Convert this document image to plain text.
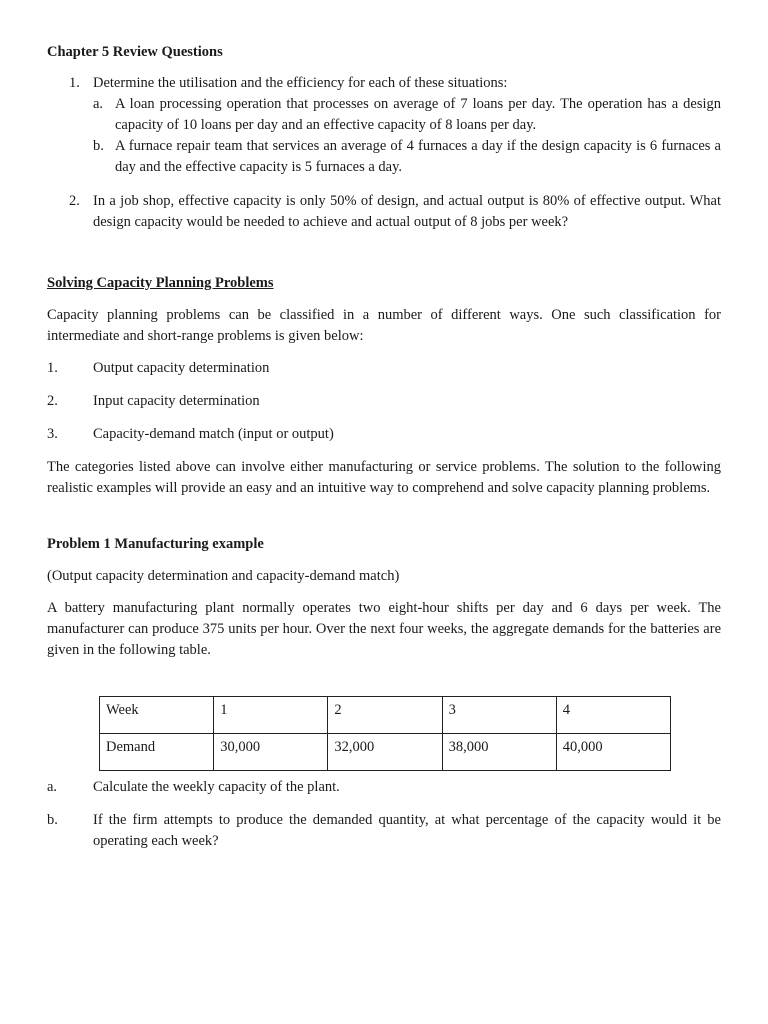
Chapter 5 Review Questions
1. Determine the utilisation and the efficiency for each of these situations:
a. A loan processing operation that processes on average of 7 loans per day. The operation has a design capacity of 10 loans per day and an effective capacity of 8 loans per day.
b. A furnace repair team that services an average of 4 furnaces a day if the design capacity is 6 furnaces a day and the effective capacity is 5 furnaces a day.
2. In a job shop, effective capacity is only 50% of design, and actual output is 80% of effective output. What design capacity would be needed to achieve and actual output of 8 jobs per week?
Solving Capacity Planning Problems

Capacity planning problems can be classified in a number of different ways. One such classification for intermediate and short-range problems is given below:

1. Output capacity determination
2. Input capacity determination
3. Capacity-demand match (input or output)

The categories listed above can involve either manufacturing or service problems. The solution to the following realistic examples will provide an easy and an intuitive way to comprehend and solve capacity planning problems.

Problem 1 Manufacturing example

(Output capacity determination and capacity-demand match)

A battery manufacturing plant normally operates two eight-hour shifts per day and 6 days per week. The manufacturer can produce 375 units per hour. Over the next four weeks, the aggregate demands for the batteries are given in the following table.

Week	1	2	3	4
Demand	30,000	32,000	38,000	40,000
a. Calculate the weekly capacity of the plant.
b. If the firm attempts to produce the demanded quantity, at what percentage of the capacity would it be operating each week?
